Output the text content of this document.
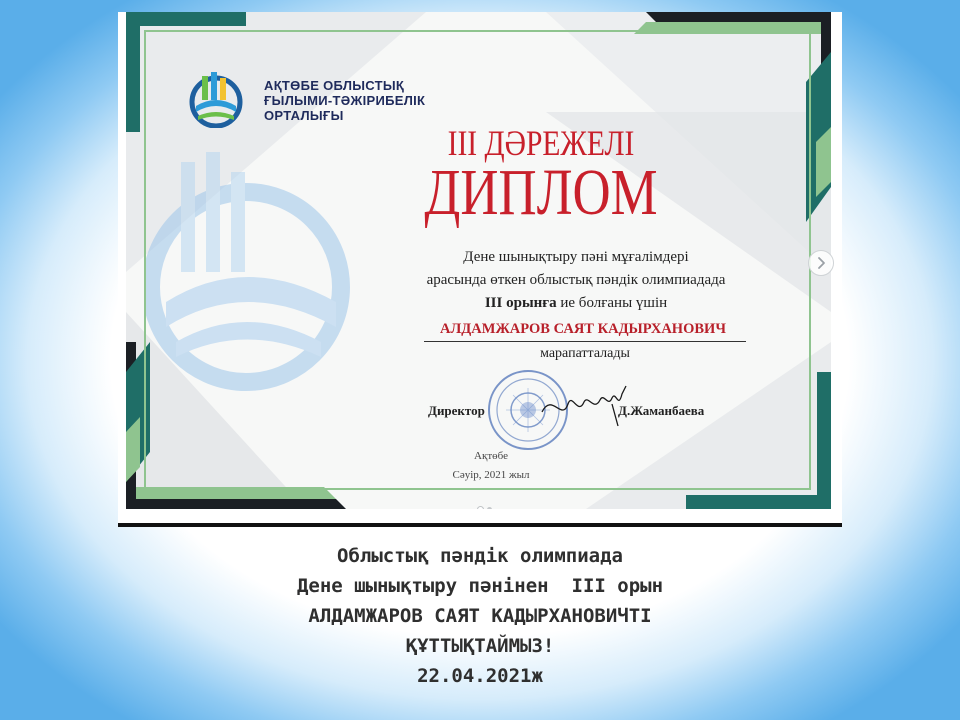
АҚТӨБЕ ОБЛЫСТЫҚ
ҒЫЛЫМИ-ТӘЖІРИБЕЛІК
ОРТАЛЫҒЫ
III ДӘРЕЖЕЛІ
ДИПЛОМ
Дене шынықтыру пәні мұғалімдері
арасында өткен облыстық пәндік олимпиадада
III орынға ие болғаны үшін
АЛДАМЖАРОВ САЯТ КАДЫРХАНОВИЧ
марапатталады
Директор	Д.Жаманбаева
Ақтөбе
Сәуір, 2021 жыл
Облыстық пәндік олимпиада
Дене шынықтыру пәнінен  III орын
АЛДАМЖАРОВ САЯТ КАДЫРХАНОВИЧТІ
ҚҰТТЫҚТАЙМЫЗ!
22.04.2021ж
